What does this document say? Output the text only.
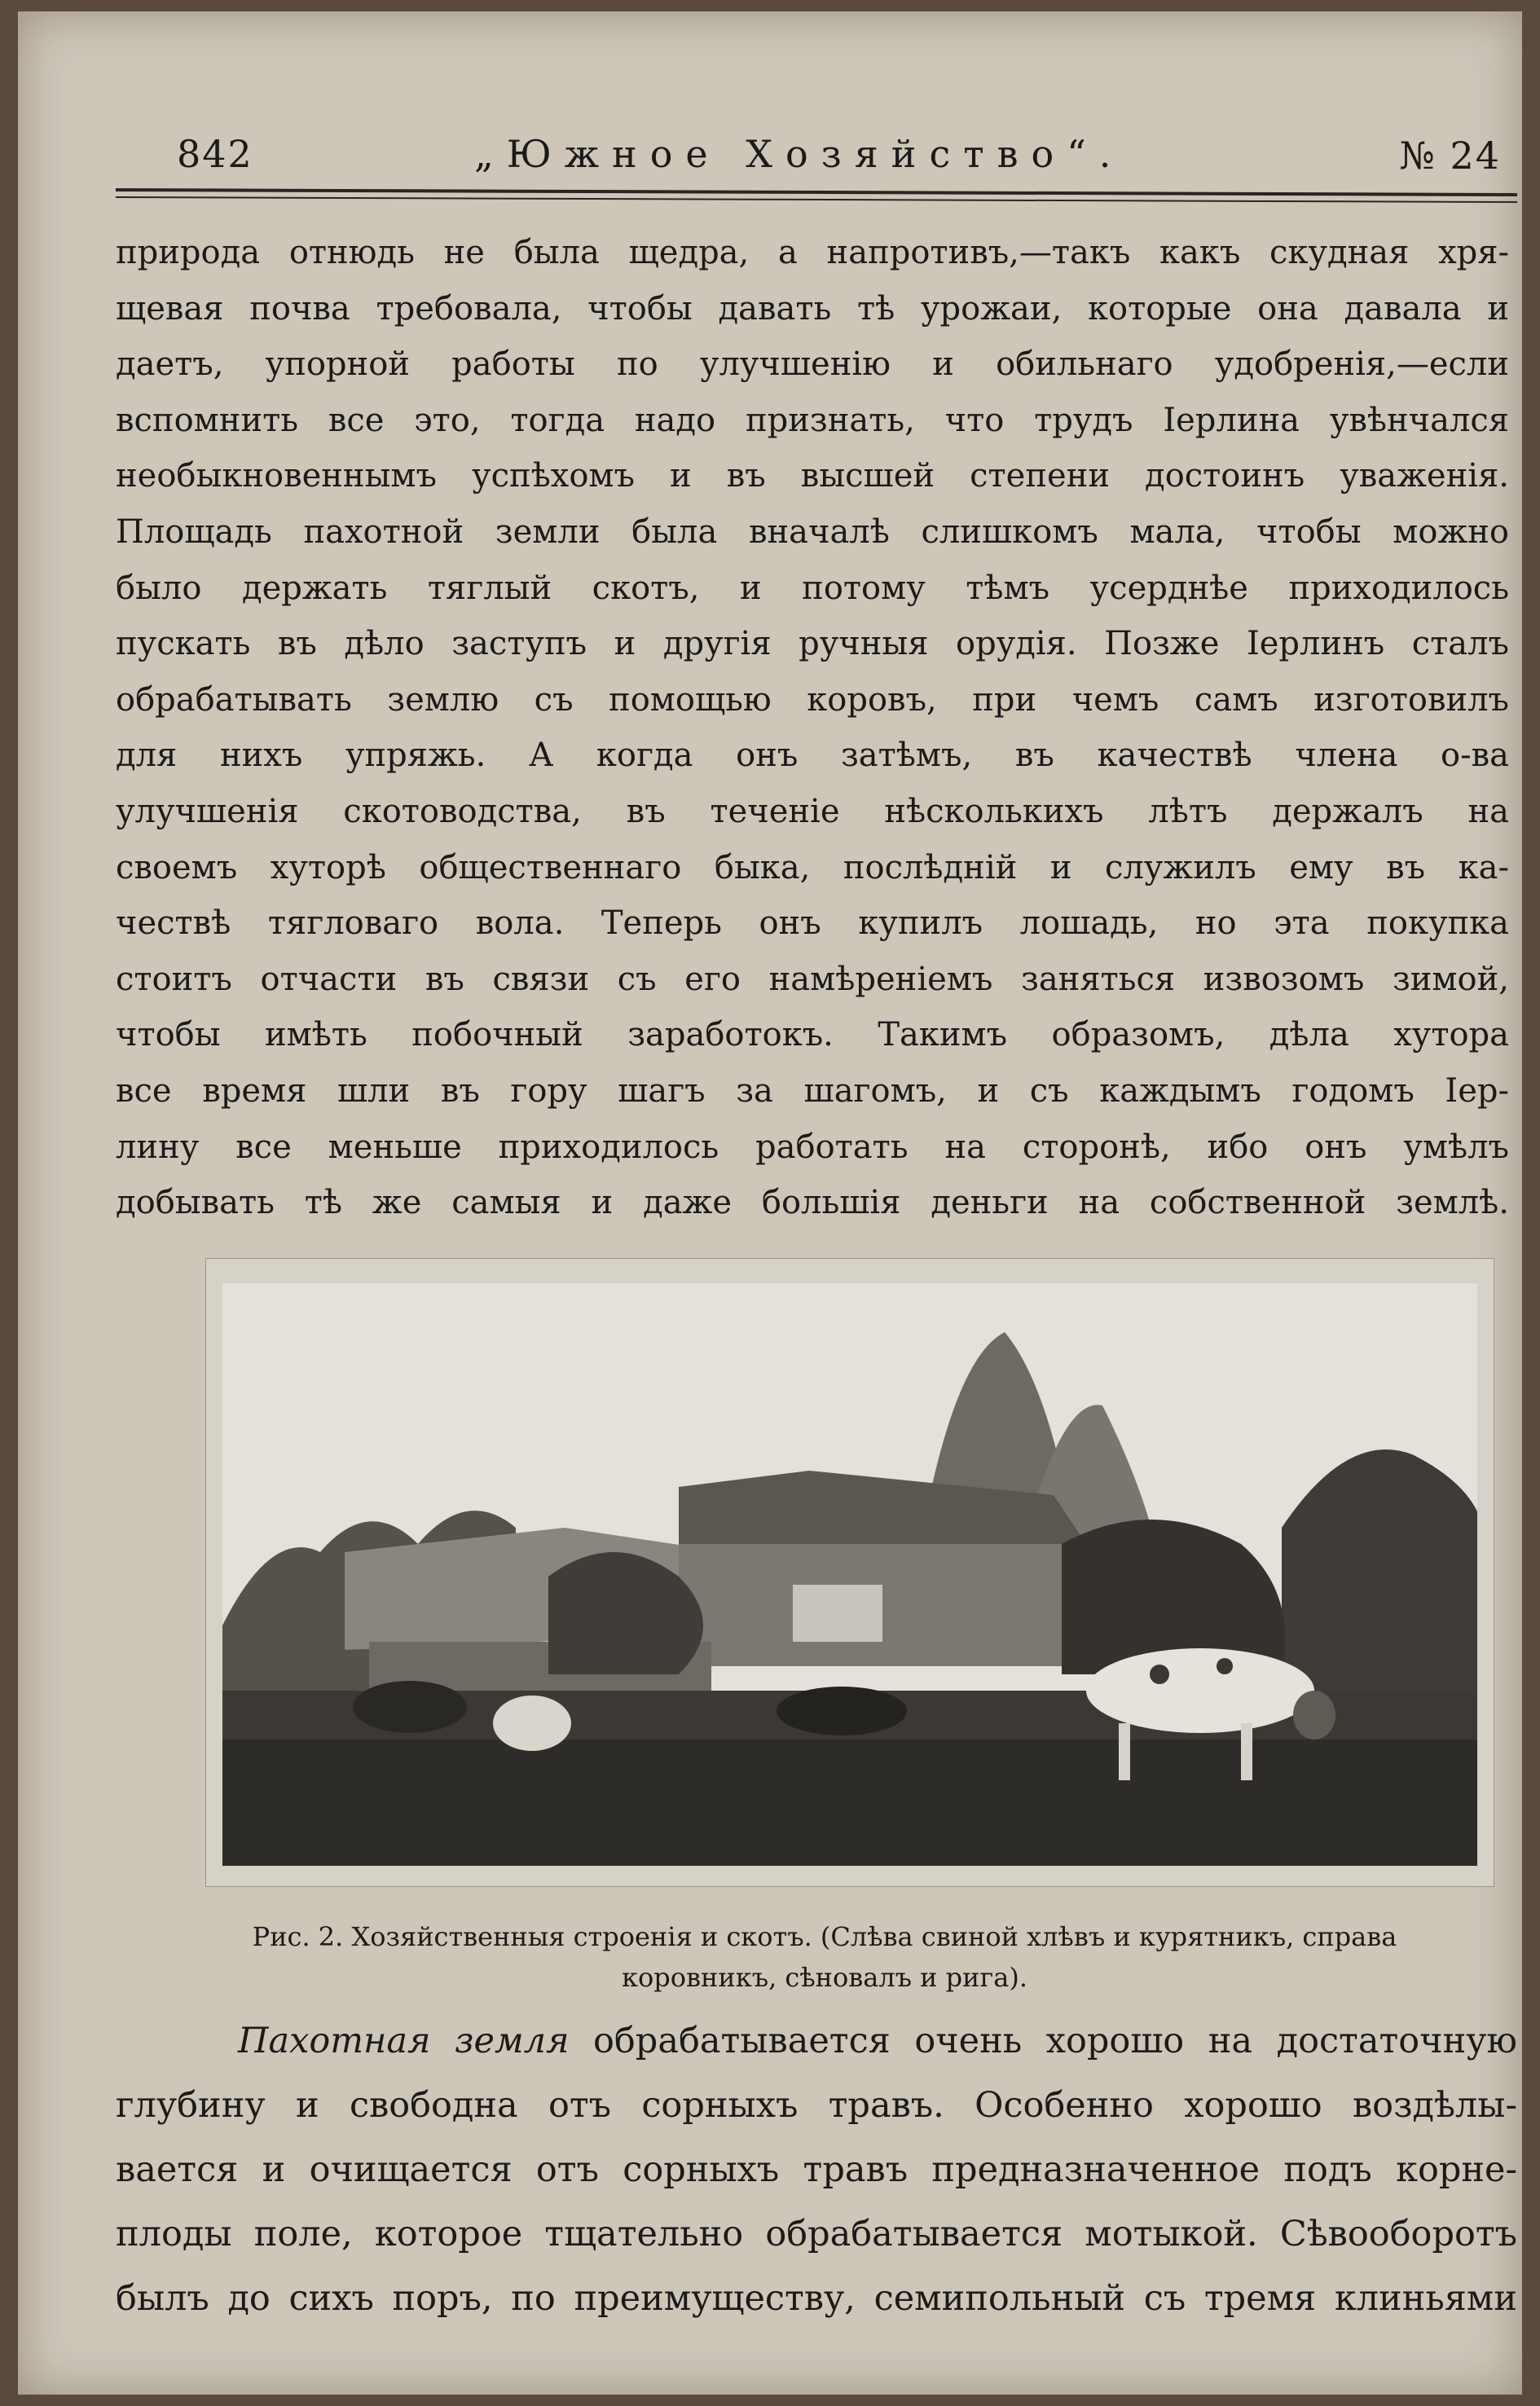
842	„Южное Хозяйство“.	№ 24
природа отнюдь не была щедра, а напротивъ,—такъ какъ скудная хря-
щевая почва требовала, чтобы давать тѣ урожаи, которые она давала и
даетъ, упорной работы по улучшенію и обильнаго удобренія,—если
вспомнить все это, тогда надо признать, что трудъ Іерлина увѣнчался
необыкновеннымъ успѣхомъ и въ высшей степени достоинъ уваженія.
Площадь пахотной земли была вначалѣ слишкомъ мала, чтобы можно
было держать тяглый скотъ, и потому тѣмъ усерднѣе приходилось
пускать въ дѣло заступъ и другія ручныя орудія. Позже Іерлинъ сталъ
обрабатывать землю съ помощью коровъ, при чемъ самъ изготовилъ
для нихъ упряжь. А когда онъ затѣмъ, въ качествѣ члена о-ва
улучшенія скотоводства, въ теченіе нѣсколькихъ лѣтъ держалъ на
своемъ хуторѣ общественнаго быка, послѣдній и служилъ ему въ ка-
чествѣ тягловаго вола. Теперь онъ купилъ лошадь, но эта покупка
стоитъ отчасти въ связи съ его намѣреніемъ заняться извозомъ зимой,
чтобы имѣть побочный заработокъ. Такимъ образомъ, дѣла хутора
все время шли въ гору шагъ за шагомъ, и съ каждымъ годомъ Іер-
лину все меньше приходилось работать на сторонѣ, ибо онъ умѣлъ
добывать тѣ же самыя и даже большія деньги на собственной землѣ.
Рис. 2. Хозяйственныя строенія и скотъ. (Слѣва свиной хлѣвъ и курятникъ, справа
коровникъ, сѣновалъ и рига).
Пахотная земля обрабатывается очень хорошо на достаточную
глубину и свободна отъ сорныхъ травъ. Особенно хорошо воздѣлы-
вается и очищается отъ сорныхъ травъ предназначенное подъ корне-
плоды поле, которое тщательно обрабатывается мотыкой. Сѣвооборотъ
былъ до сихъ поръ, по преимуществу, семипольный съ тремя клиньями
